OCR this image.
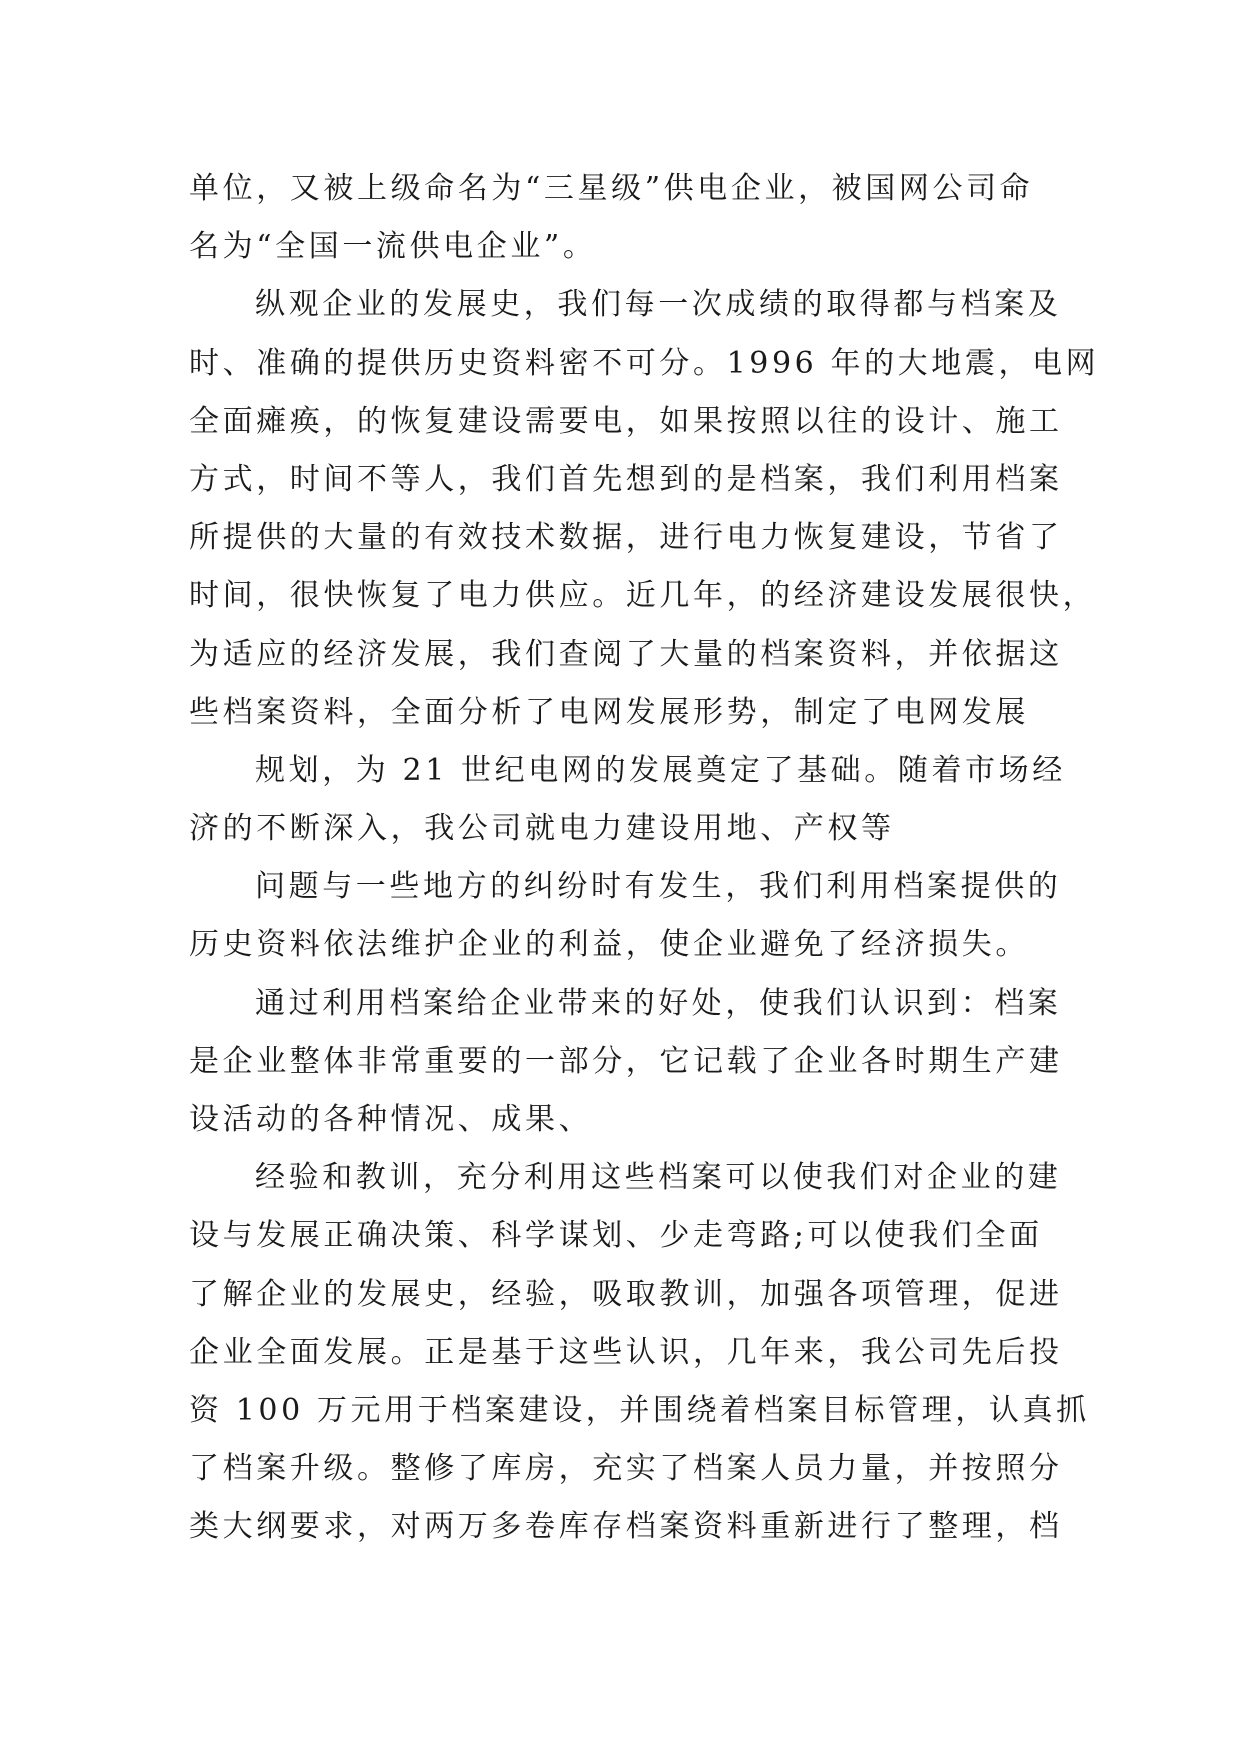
单位，又被上级命名为“三星级”供电企业，被国网公司命
名为“全国一流供电企业”。
纵观企业的发展史，我们每一次成绩的取得都与档案及
时、准确的提供历史资料密不可分。1996 年的大地震，电网
全面瘫痪，的恢复建设需要电，如果按照以往的设计、施工
方式，时间不等人，我们首先想到的是档案，我们利用档案
所提供的大量的有效技术数据，进行电力恢复建设，节省了
时间，很快恢复了电力供应。近几年，的经济建设发展很快，
为适应的经济发展，我们查阅了大量的档案资料，并依据这
些档案资料，全面分析了电网发展形势，制定了电网发展
规划，为 21 世纪电网的发展奠定了基础。随着市场经
济的不断深入，我公司就电力建设用地、产权等
问题与一些地方的纠纷时有发生，我们利用档案提供的
历史资料依法维护企业的利益，使企业避免了经济损失。
通过利用档案给企业带来的好处，使我们认识到：档案
是企业整体非常重要的一部分，它记载了企业各时期生产建
设活动的各种情况、成果、
经验和教训，充分利用这些档案可以使我们对企业的建
设与发展正确决策、科学谋划、少走弯路;可以使我们全面
了解企业的发展史，经验，吸取教训，加强各项管理，促进
企业全面发展。正是基于这些认识，几年来，我公司先后投
资 100 万元用于档案建设，并围绕着档案目标管理，认真抓
了档案升级。整修了库房，充实了档案人员力量，并按照分
类大纲要求，对两万多卷库存档案资料重新进行了整理，档
